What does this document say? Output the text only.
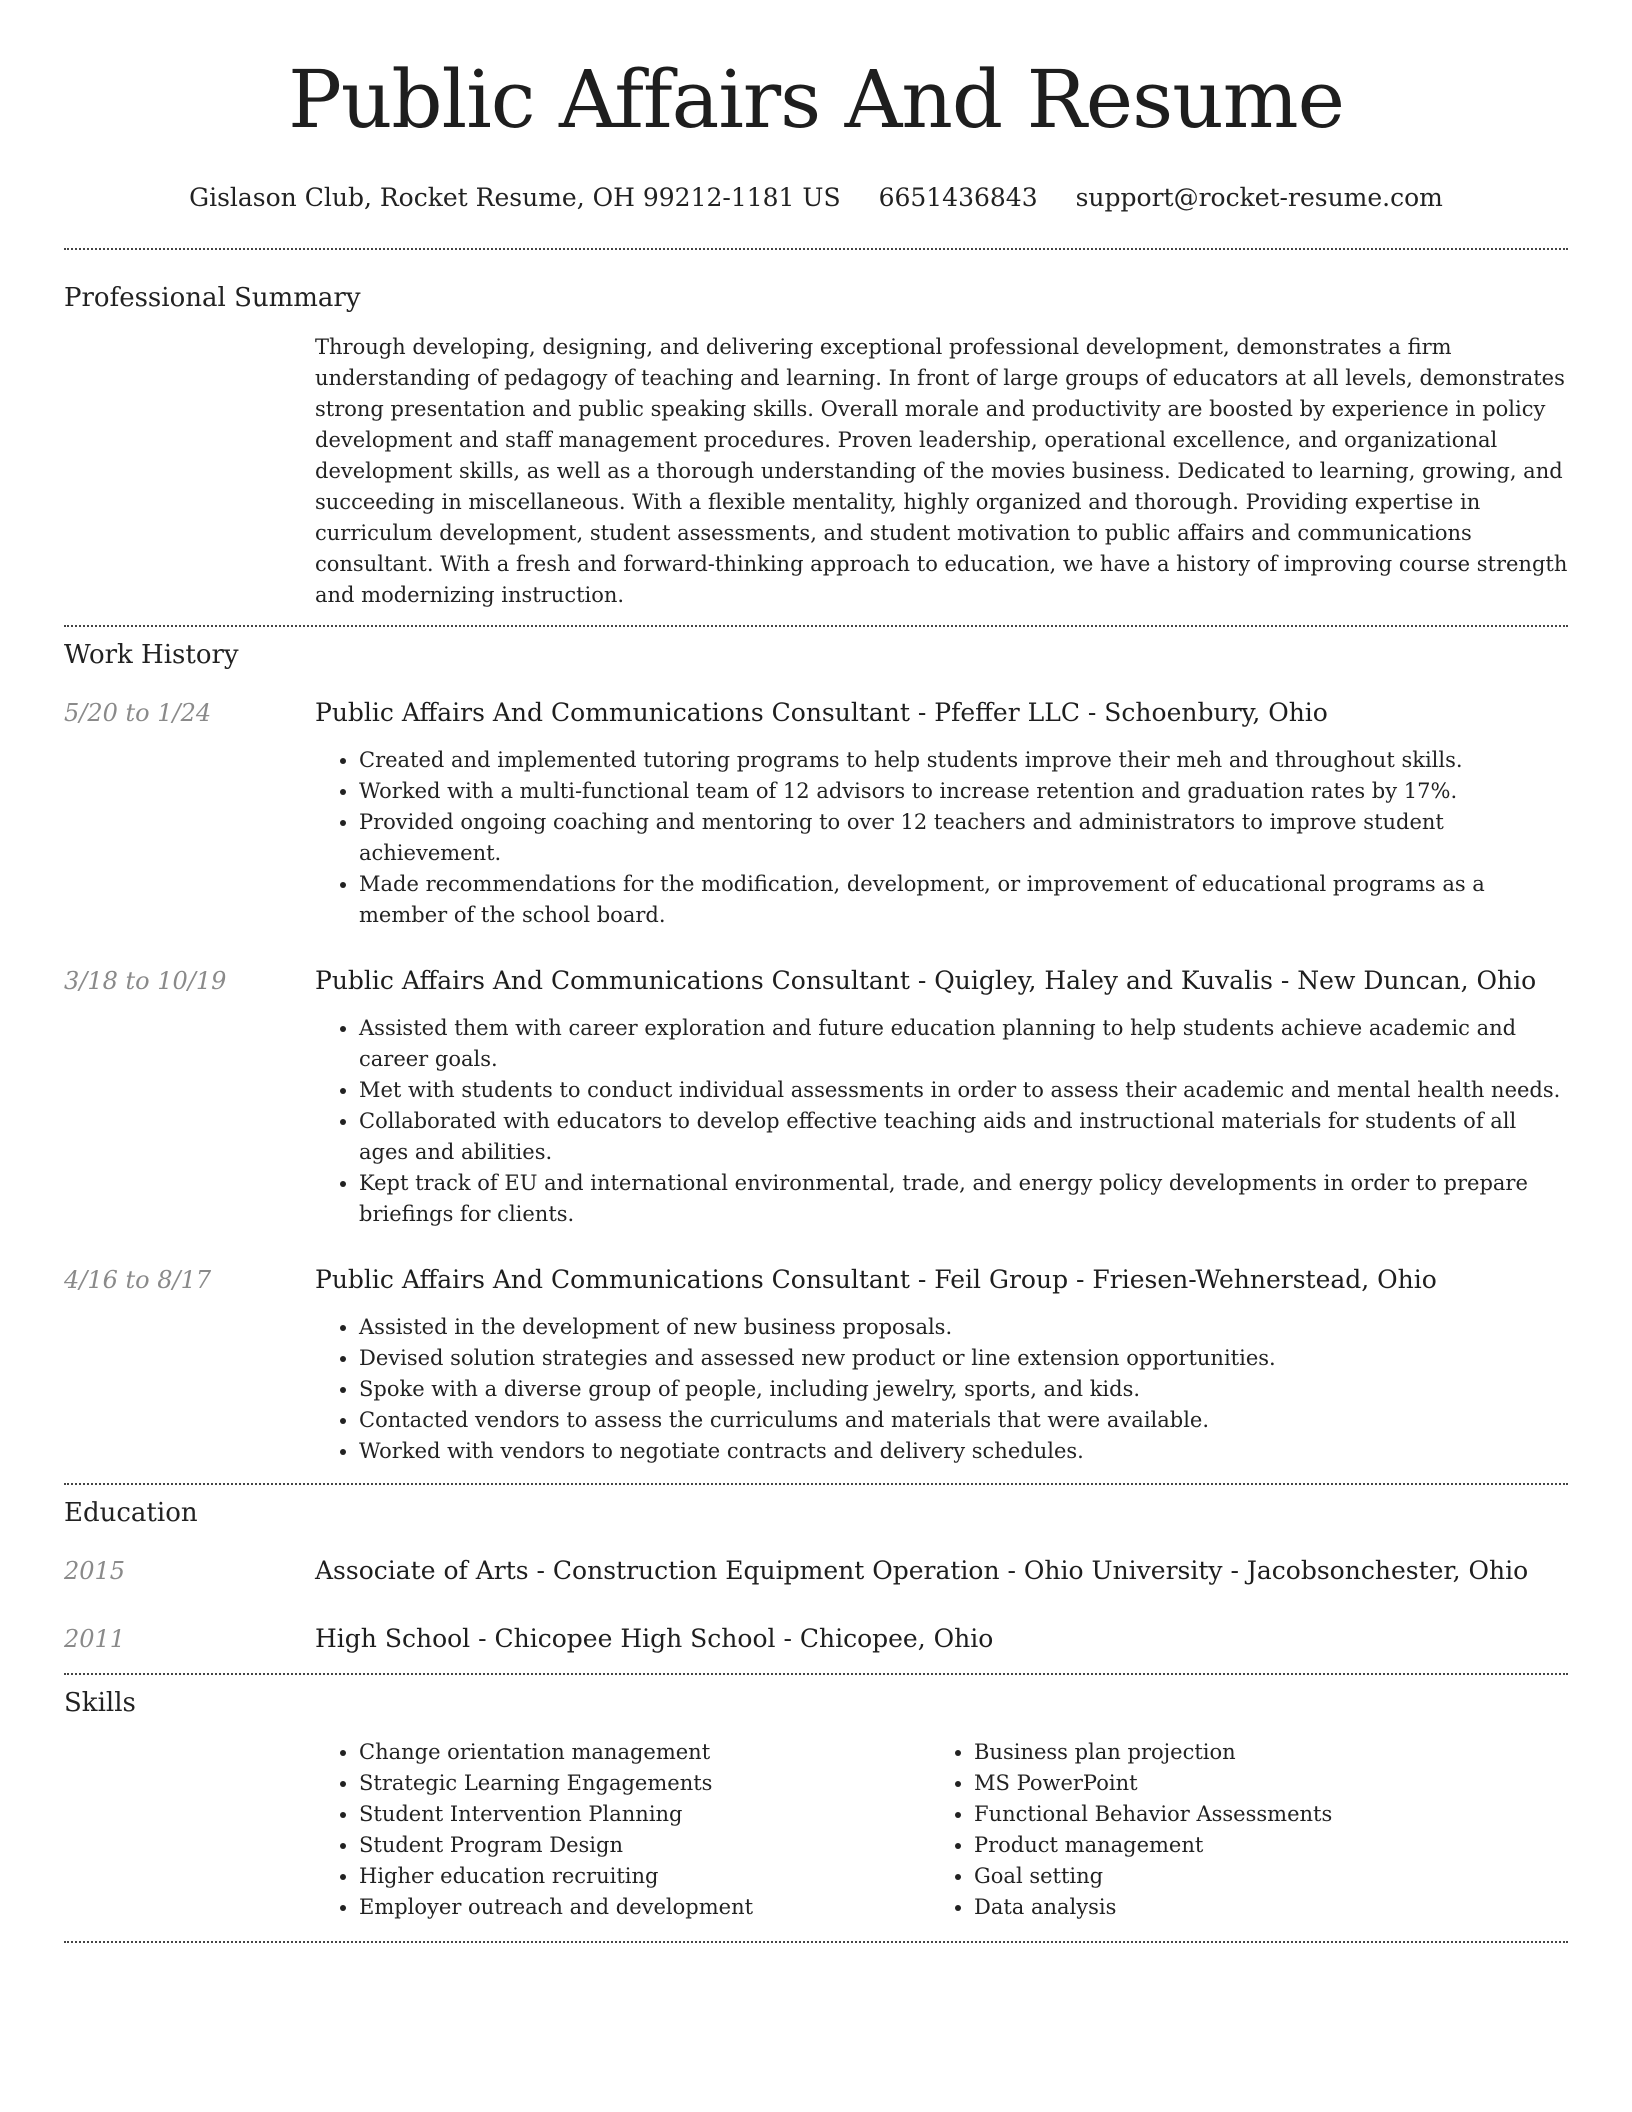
Public Affairs And Resume
Gislason Club, Rocket Resume, OH 99212-1181 US 6651436843 support@rocket-resume.com
Professional Summary
Through developing, designing, and delivering exceptional professional development, demonstrates a firm understanding of pedagogy of teaching and learning. In front of large groups of educators at all levels, demonstrates strong presentation and public speaking skills. Overall morale and productivity are boosted by experience in policy development and staff management procedures. Proven leadership, operational excellence, and organizational development skills, as well as a thorough understanding of the movies business. Dedicated to learning, growing, and succeeding in miscellaneous. With a flexible mentality, highly organized and thorough. Providing expertise in curriculum development, student assessments, and student motivation to public affairs and communications consultant. With a fresh and forward-thinking approach to education, we have a history of improving course strength and modernizing instruction.
Work History
5/20 to 1/24	Public Affairs And Communications Consultant - Pfeffer LLC - Schoenbury, Ohio
• Created and implemented tutoring programs to help students improve their meh and throughout skills.
• Worked with a multi-functional team of 12 advisors to increase retention and graduation rates by 17%.
• Provided ongoing coaching and mentoring to over 12 teachers and administrators to improve student achievement.
• Made recommendations for the modification, development, or improvement of educational programs as a member of the school board.
3/18 to 10/19	Public Affairs And Communications Consultant - Quigley, Haley and Kuvalis - New Duncan, Ohio
• Assisted them with career exploration and future education planning to help students achieve academic and career goals.
• Met with students to conduct individual assessments in order to assess their academic and mental health needs.
• Collaborated with educators to develop effective teaching aids and instructional materials for students of all ages and abilities.
• Kept track of EU and international environmental, trade, and energy policy developments in order to prepare briefings for clients.
4/16 to 8/17	Public Affairs And Communications Consultant - Feil Group - Friesen-Wehnerstead, Ohio
• Assisted in the development of new business proposals.
• Devised solution strategies and assessed new product or line extension opportunities.
• Spoke with a diverse group of people, including jewelry, sports, and kids.
• Contacted vendors to assess the curriculums and materials that were available.
• Worked with vendors to negotiate contracts and delivery schedules.
Education
2015	Associate of Arts - Construction Equipment Operation - Ohio University - Jacobsonchester, Ohio
2011	High School - Chicopee High School - Chicopee, Ohio
Skills
• Change orientation management
• Strategic Learning Engagements
• Student Intervention Planning
• Student Program Design
• Higher education recruiting
• Employer outreach and development
• Business plan projection
• MS PowerPoint
• Functional Behavior Assessments
• Product management
• Goal setting
• Data analysis
